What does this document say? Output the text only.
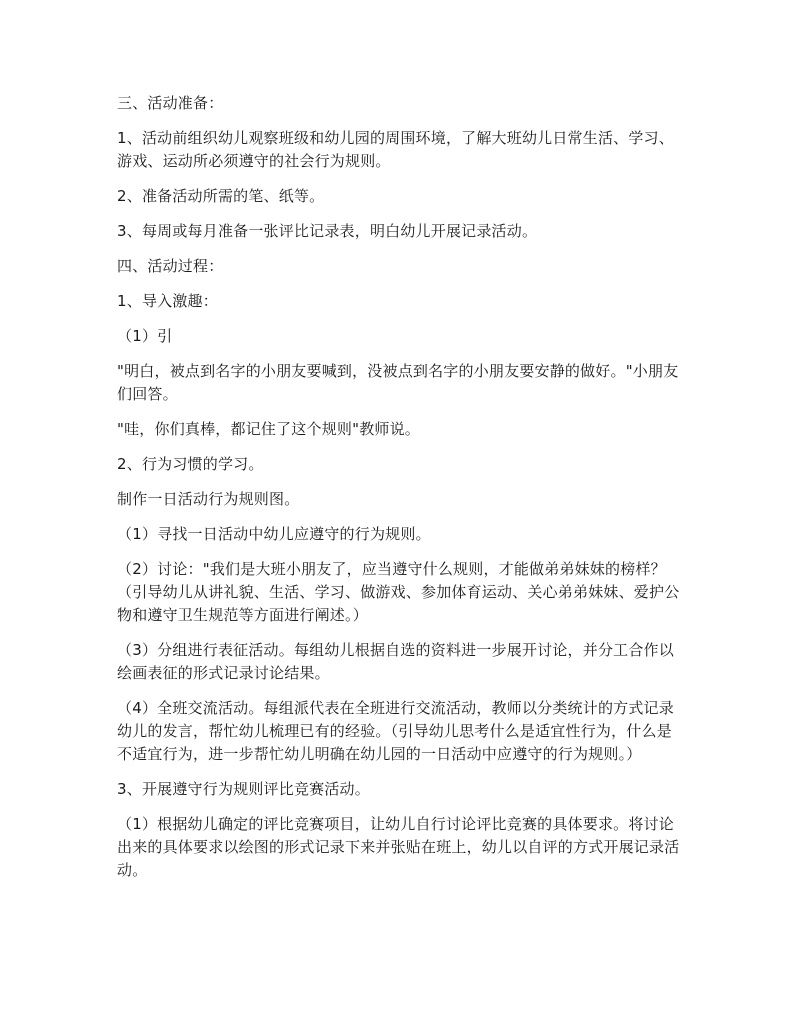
三、活动准备：

1、活动前组织幼儿观察班级和幼儿园的周围环境，了解大班幼儿日常生活、学习、游戏、运动所必须遵守的社会行为规则。

2、准备活动所需的笔、纸等。

3、每周或每月准备一张评比记录表，明白幼儿开展记录活动。

四、活动过程：

1、导入激趣：

（1）引

"明白，被点到名字的小朋友要喊到，没被点到名字的小朋友要安静的做好。"小朋友们回答。

"哇，你们真棒，都记住了这个规则"教师说。

2、行为习惯的学习。

制作一日活动行为规则图。

（1）寻找一日活动中幼儿应遵守的行为规则。

（2）讨论："我们是大班小朋友了，应当遵守什么规则，才能做弟弟妹妹的榜样？（引导幼儿从讲礼貌、生活、学习、做游戏、参加体育运动、关心弟弟妹妹、爱护公物和遵守卫生规范等方面进行阐述。）

（3）分组进行表征活动。每组幼儿根据自选的资料进一步展开讨论，并分工合作以绘画表征的形式记录讨论结果。

（4）全班交流活动。每组派代表在全班进行交流活动，教师以分类统计的方式记录幼儿的发言，帮忙幼儿梳理已有的经验。（引导幼儿思考什么是适宜性行为，什么是不适宜行为，进一步帮忙幼儿明确在幼儿园的一日活动中应遵守的行为规则。）

3、开展遵守行为规则评比竞赛活动。

（1）根据幼儿确定的评比竞赛项目，让幼儿自行讨论评比竞赛的具体要求。将讨论出来的具体要求以绘图的形式记录下来并张贴在班上，幼儿以自评的方式开展记录活动。
